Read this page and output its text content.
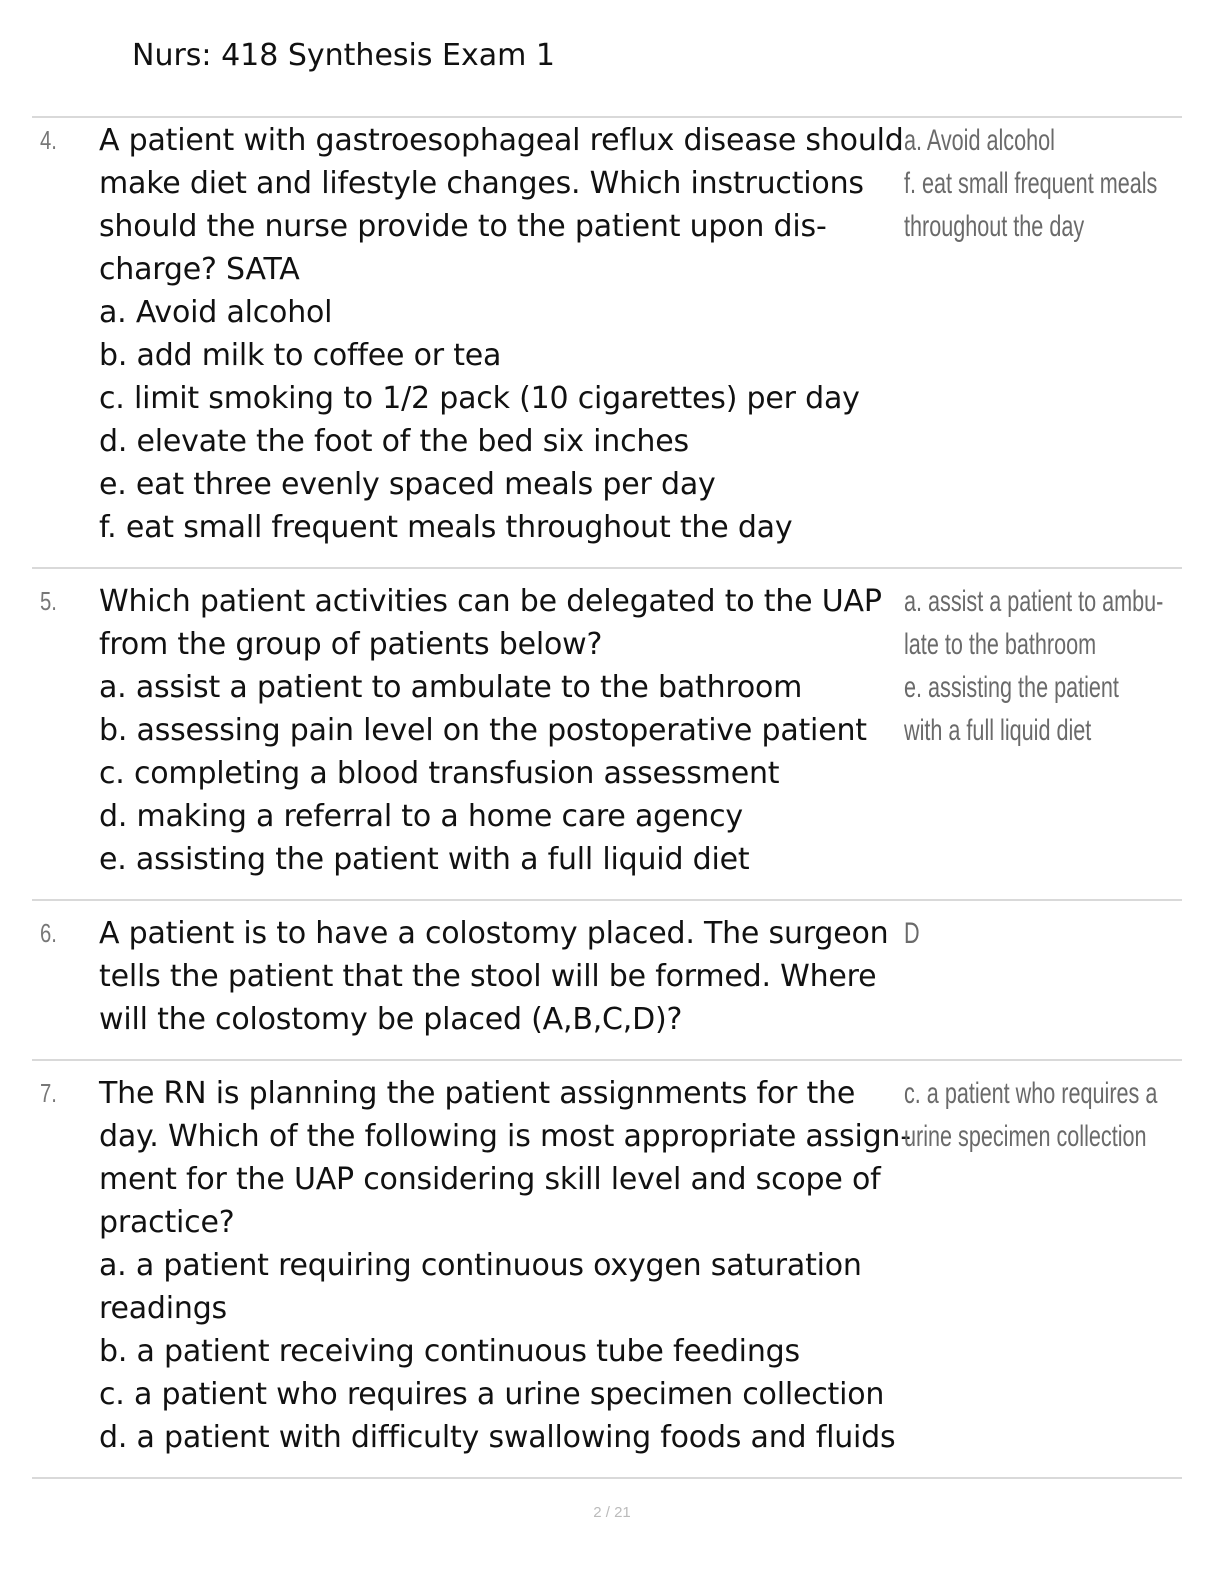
Nurs: 418 Synthesis Exam 1
4. A patient with gastroesophageal reflux disease should
make diet and lifestyle changes. Which instructions
should the nurse provide to the patient upon dis-
charge? SATA
a. Avoid alcohol
b. add milk to coffee or tea
c. limit smoking to 1/2 pack (10 cigarettes) per day
d. elevate the foot of the bed six inches
e. eat three evenly spaced meals per day
f. eat small frequent meals throughout the day
a. Avoid alcohol
f. eat small frequent meals
throughout the day
5. Which patient activities can be delegated to the UAP
from the group of patients below?
a. assist a patient to ambulate to the bathroom
b. assessing pain level on the postoperative patient
c. completing a blood transfusion assessment
d. making a referral to a home care agency
e. assisting the patient with a full liquid diet
a. assist a patient to ambu-
late to the bathroom
e. assisting the patient
with a full liquid diet
6. A patient is to have a colostomy placed. The surgeon
tells the patient that the stool will be formed. Where
will the colostomy be placed (A,B,C,D)?
D
7. The RN is planning the patient assignments for the
day. Which of the following is most appropriate assign-
ment for the UAP considering skill level and scope of
practice?
a. a patient requiring continuous oxygen saturation
readings
b. a patient receiving continuous tube feedings
c. a patient who requires a urine specimen collection
d. a patient with difficulty swallowing foods and fluids
c. a patient who requires a
urine specimen collection
2 / 21
